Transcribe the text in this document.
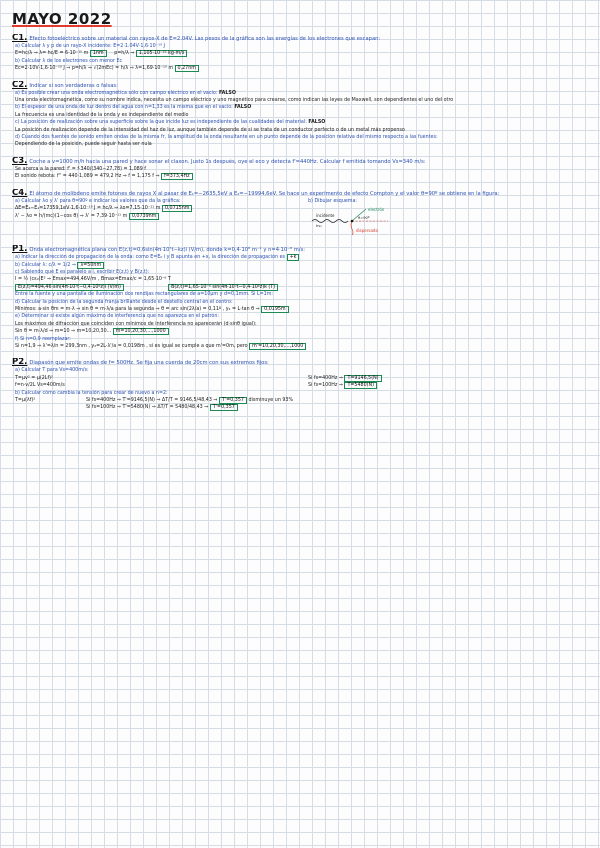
MAYO 2022
C1. Efecto fotoeléctrico sobre un material con rayos-X de E=2.04V. Las pesos de la gráfica son las energías de los electrones que escapan:
a) Calcular λ y p de un rayo-X incidente: E=2·1.04V·1,6·10⁻¹⁹ J
E=hc/λ ⇒ λ= hc/E = 6·10⁻¹⁰ m 1nm p=h/λ ⇒ 1,105·10⁻²⁵ kg·m/s
b) Calcular λ de los electrones con menor Ec
Ec=2·10V·1,6·10⁻¹⁹ J ⇒ p=h/λ ⇒ √(2mEc) = h/λ ⇒ λ=1,69·10⁻¹⁰ m 0,27nm
C2. Indicar si son verdaderas o falsas:
a) Es posible crear una onda electromagnética sólo con campo eléctrico en el vacío: FALSO
Una onda electromagnética, como su nombre indica, necesita un campo eléctrico y uno magnético para crearse, como indican las leyes de Maxwell, son dependientes el uno del otro
b) El espesor de una onda de luz dentro del agua con n=1,33 es la misma que en el vacío: FALSO
La frecuencia es una identidad de la onda y es independiente del medio
c) La posición de realización sobre una superficie sobre la que incide luz es independiente de las cualidades del material: FALSO
La posición de realización depende de la intensidad del haz de luz, aunque también depende de si se trata de un conductor perfecto o de un metal más propenso
d) Cuando dos fuentes de sonido emiten ondas de la misma fr, la amplitud de la onda resultante en un punto depende de la posición relativa del mismo respecto a las fuentes:
Dependiendo de la posición, puede seguir hasta ser nula
C3. Coche a v=1000 m/h hacia una pared y hace sonar el claxon. Justo 1s después, oye el eco y detecta f'=440Hz. Calcular f emitida tomando Vs=340 m/s:
Se acerca a la pared: f' = f·340/(340−27,78) = 1,089 f
El sonido rebota: f'' = 440·1,089 = 479,2 Hz ⇒ f = 1,175 f ⇒ f=373,4Hz
C4. El átomo de molibdeno emite fotones de rayos X al pasar de E₁=−2635,5eV a E₂=−19994,6eV. Se hace un experimento de efecto Compton y el valor θ=90º se obtiene en la figura:
a) Calcular λo y λ' para θ=90º e indicar los valores que da la gráfica:
ΔE=E₂−E₁=17359,1eV·1,6·10⁻¹⁹ J = hc/λ ⇒ λo=7,15·10⁻¹¹ m 0,0715nm
λ' − λo = h/(mc)(1−cos θ) ⇒ λ' = 7,39·10⁻¹¹ m 0,0739nm
b) Dibujar esquema:
incidente
hv₀
electrón
dispersado
θ=90º
P1. Onda electromagnética plana con E(z,t)=0,6sin(4π·10⁷t−kz)i (V/m), donde k=0,4·10⁸ m⁻¹ y n=4·10⁻⁸ m/s:
a) Indicar la dirección de propagación de la onda: como E=E₀ i y B apunta en +x, la dirección de propagación es +k
b) Calcular λ: c/λ = 1/2 ⇒ λ=50nm
c) Sabiendo que E es paralelo a i, escribir E(z,t) y B(z,t):
I = ½ (cε₀)E² ⇒ Emax=494,46V/m , Bmax=Emax/c = 1,65·10⁻⁶ T
E(z,t)=494,46·sin(4π·10⁷t−0,4·10⁸z)i (V/m)	B(z,t)=1,65·10⁻⁶ sin(4π·10⁷t−0,4·10⁸z)k (T)
Entre la fuente y una pantalla de iluminación dos rendijas rectangulares de a=10μm y d=0,1mm. Si L=1m:
d) Calcular la posición de la segunda franja brillante desde el destello central en el centro:
Mínimos: a·sin θm = m·λ ⇒ sin θ = m·λ/a para la segunda ⇒ θ = arc sin(2λ/a) = 0,11º , y₂ = L·tan θ ⇒ 0,0195m
e) Determinar si existe algún máximo de interferencia que no aparezca en el patrón:
Los máximos de difracción que coinciden con mínimos de interferencia no aparecerán (d·sinθ igual):
Sin θ = m·λ/d ⇒ m=10 ⇒ m=10,20,30... m=10,20,30,...,1000
f) Si n=0,9 reemplazar:
Si n=1,9 ⇒ λ'=λ/n = 299,3nm , y₂=2L·λ'/a = 0,0198m , si es igual se cumple a que m'=0m, pero m'=10,20,30,...,1000
P2. Diapasón que emite ondas de f= 500Hz. Se fija una cuerda de 20cm con sus extremos fijos:
a) Calcular T para Vs=400m/s:
T=μv² = μ(2Lf)²
f=n·v/2L Vs=400m/s
Si fs=400Hz ⇒ T=9146,5(N)
Si fs=100Hz ⇒ T=5480(N)
b) Calcular cómo cambia la tensión para crear de nuevo a n=2:
T=μ(λf)²	Si fs=400Hz ⇒ T'=9146,5(N) ⇒ ΔT/T = 9146,5/48,43 ⇒ T'=0,357 disminuye un 93%
Si fs=100Hz ⇒ T'=5480(N) ⇒ ΔT/T = 5480/48,43 ⇒ T'=0,357
